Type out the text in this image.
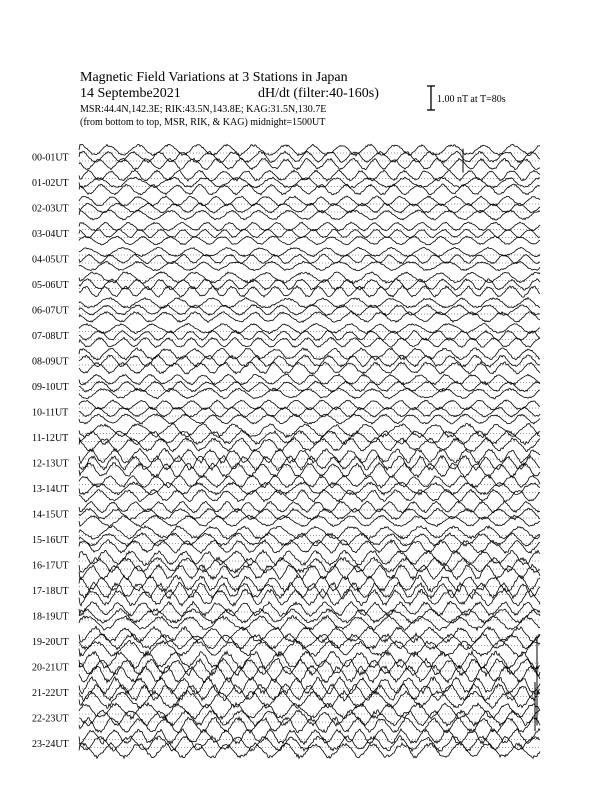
Magnetic Field Variations at 3 Stations in Japan
14 Septembe2021	dH/dt (filter:40-160s)
MSR:44.4N,142.3E; RIK:43.5N,143.8E; KAG:31.5N,130.7E
(from bottom to top, MSR, RIK, & KAG) midnight=1500UT
1.00 nT at T=80s
00-01UT
01-02UT
02-03UT
03-04UT
04-05UT
05-06UT
06-07UT
07-08UT
08-09UT
09-10UT
10-11UT
11-12UT
12-13UT
13-14UT
14-15UT
15-16UT
16-17UT
17-18UT
18-19UT
19-20UT
20-21UT
21-22UT
22-23UT
23-24UT
